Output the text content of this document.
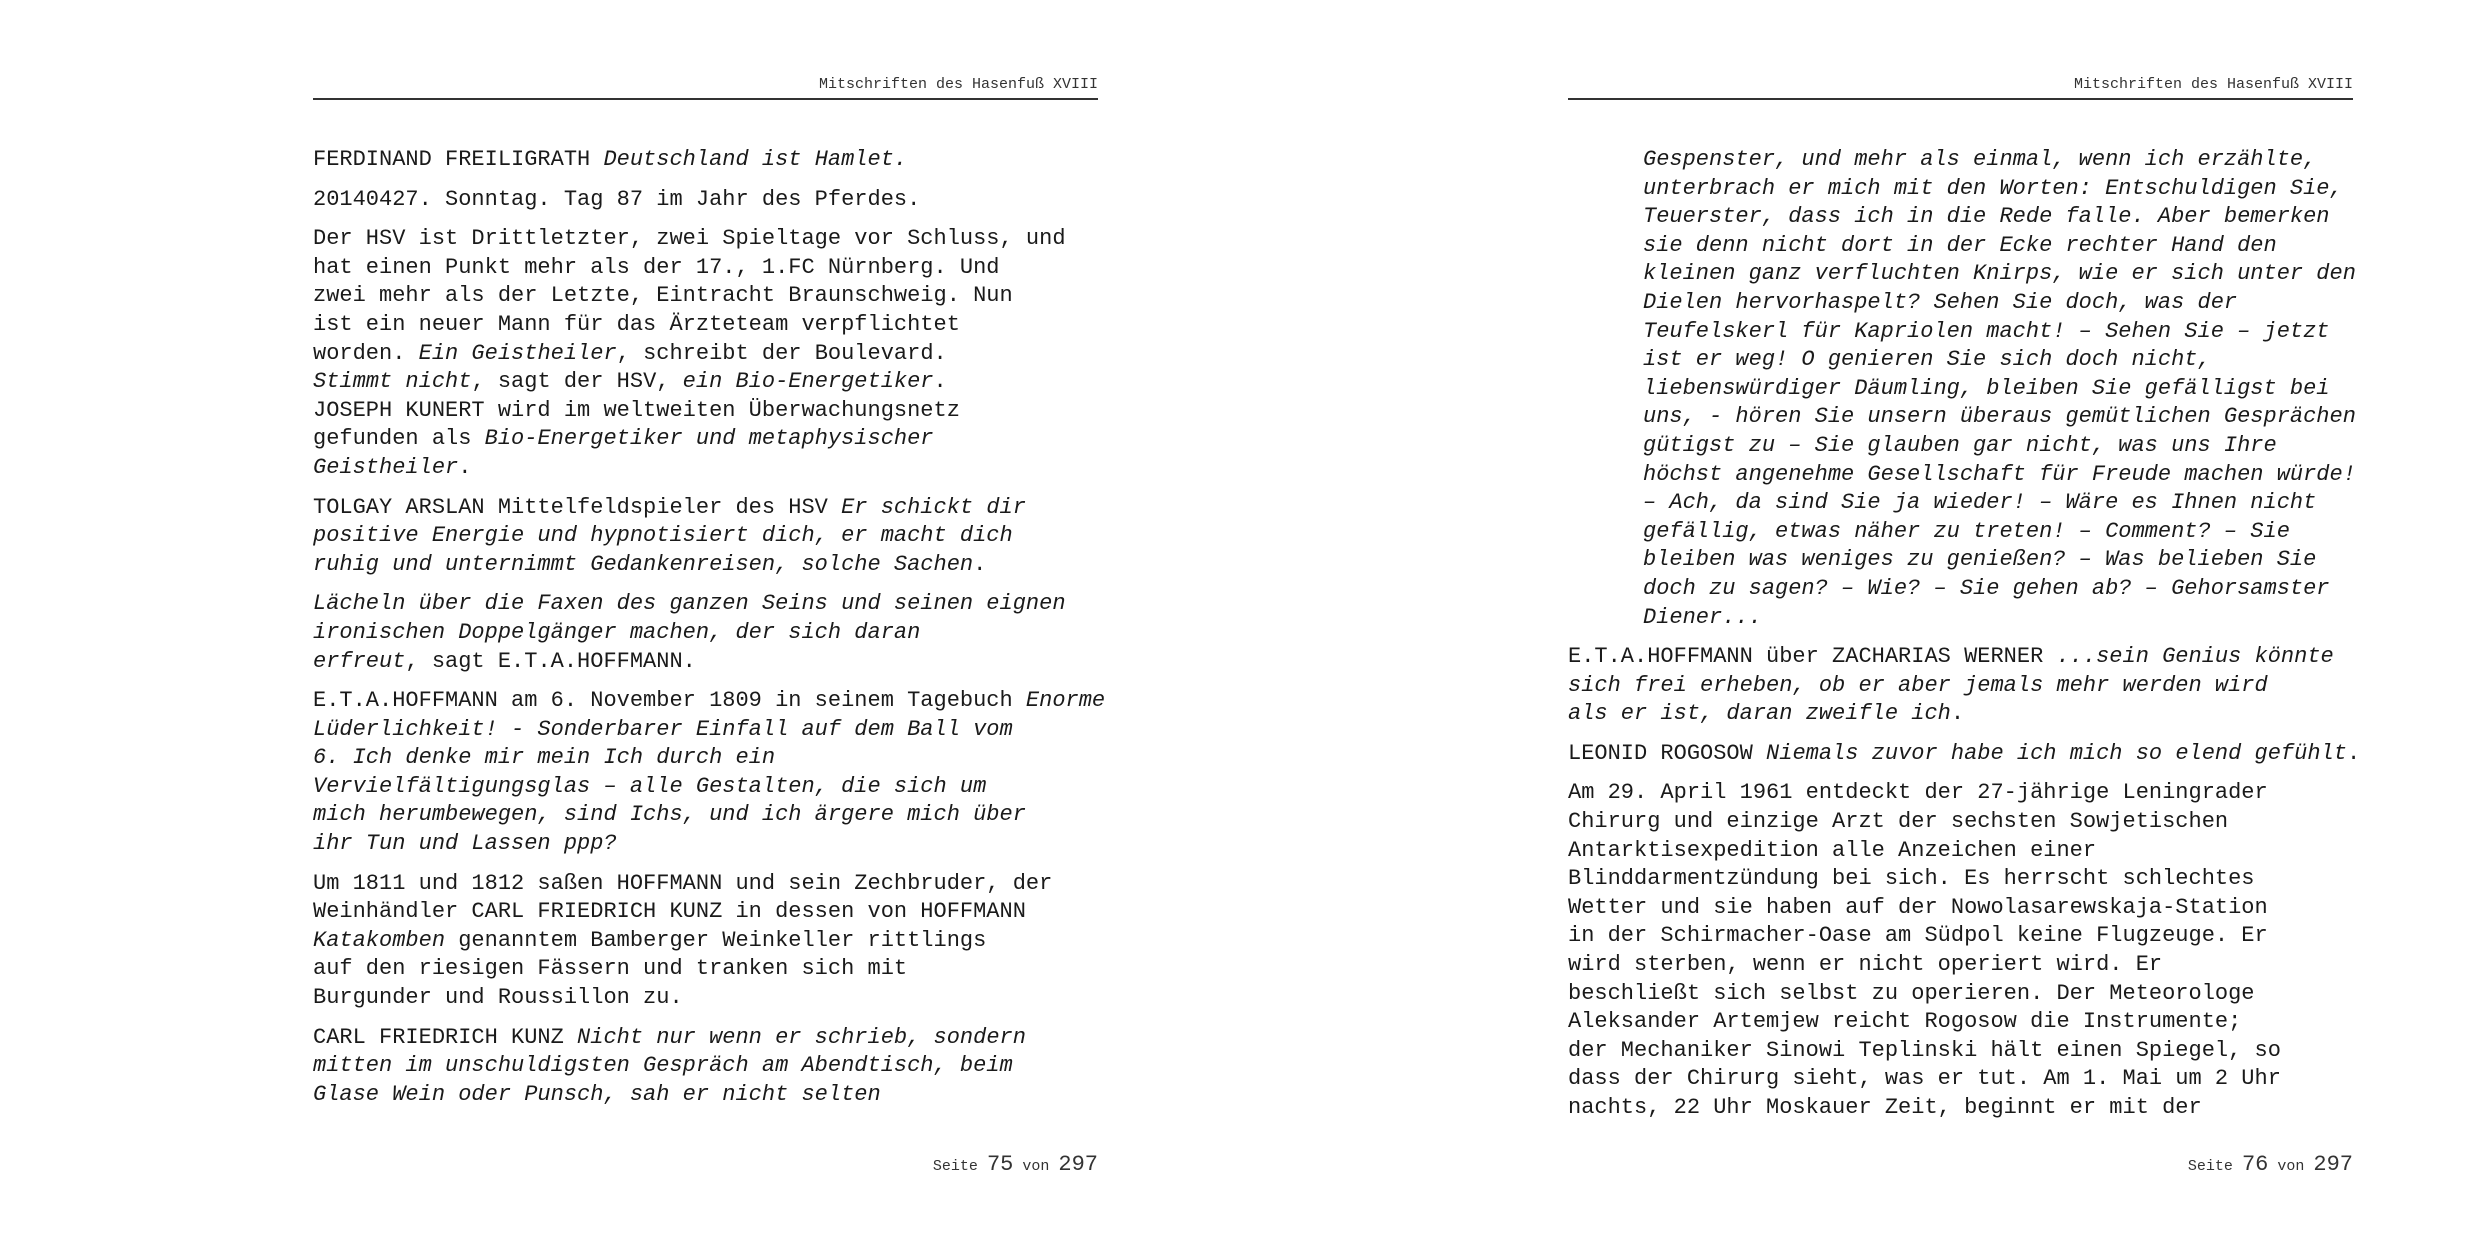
Mitschriften des Hasenfuß XVIII
FERDINAND FREILIGRATH Deutschland ist Hamlet.
20140427. Sonntag. Tag 87 im Jahr des Pferdes.
Der HSV ist Drittletzter, zwei Spieltage vor Schluss, und
hat einen Punkt mehr als der 17., 1.FC Nürnberg. Und
zwei mehr als der Letzte, Eintracht Braunschweig. Nun
ist ein neuer Mann für das Ärzteteam verpflichtet
worden. Ein Geistheiler, schreibt der Boulevard.
Stimmt nicht, sagt der HSV, ein Bio-Energetiker.
JOSEPH KUNERT wird im weltweiten Überwachungsnetz
gefunden als Bio-Energetiker und metaphysischer
Geistheiler.
TOLGAY ARSLAN Mittelfeldspieler des HSV Er schickt dir
positive Energie und hypnotisiert dich, er macht dich
ruhig und unternimmt Gedankenreisen, solche Sachen.
Lächeln über die Faxen des ganzen Seins und seinen eignen
ironischen Doppelgänger machen, der sich daran
erfreut, sagt E.T.A.HOFFMANN.
E.T.A.HOFFMANN am 6. November 1809 in seinem Tagebuch Enorme
Lüderlichkeit! - Sonderbarer Einfall auf dem Ball vom
6. Ich denke mir mein Ich durch ein
Vervielfältigungsglas – alle Gestalten, die sich um
mich herumbewegen, sind Ichs, und ich ärgere mich über
ihr Tun und Lassen ppp?
Um 1811 und 1812 saßen HOFFMANN und sein Zechbruder, der
Weinhändler CARL FRIEDRICH KUNZ in dessen von HOFFMANN
Katakomben genanntem Bamberger Weinkeller rittlings
auf den riesigen Fässern und tranken sich mit
Burgunder und Roussillon zu.
CARL FRIEDRICH KUNZ Nicht nur wenn er schrieb, sondern
mitten im unschuldigsten Gespräch am Abendtisch, beim
Glase Wein oder Punsch, sah er nicht selten
Seite 75 von 297
Mitschriften des Hasenfuß XVIII
Gespenster, und mehr als einmal, wenn ich erzählte,
unterbrach er mich mit den Worten: Entschuldigen Sie,
Teuerster, dass ich in die Rede falle. Aber bemerken
sie denn nicht dort in der Ecke rechter Hand den
kleinen ganz verfluchten Knirps, wie er sich unter den
Dielen hervorhaspelt? Sehen Sie doch, was der
Teufelskerl für Kapriolen macht! – Sehen Sie – jetzt
ist er weg! O genieren Sie sich doch nicht,
liebenswürdiger Däumling, bleiben Sie gefälligst bei
uns, - hören Sie unsern überaus gemütlichen Gesprächen
gütigst zu – Sie glauben gar nicht, was uns Ihre
höchst angenehme Gesellschaft für Freude machen würde!
– Ach, da sind Sie ja wieder! – Wäre es Ihnen nicht
gefällig, etwas näher zu treten! – Comment? – Sie
bleiben was weniges zu genießen? – Was belieben Sie
doch zu sagen? – Wie? – Sie gehen ab? – Gehorsamster
Diener...
E.T.A.HOFFMANN über ZACHARIAS WERNER ...sein Genius könnte
sich frei erheben, ob er aber jemals mehr werden wird
als er ist, daran zweifle ich.
LEONID ROGOSOW Niemals zuvor habe ich mich so elend gefühlt.
Am 29. April 1961 entdeckt der 27-jährige Leningrader
Chirurg und einzige Arzt der sechsten Sowjetischen
Antarktisexpedition alle Anzeichen einer
Blinddarmentzündung bei sich. Es herrscht schlechtes
Wetter und sie haben auf der Nowolasarewskaja-Station
in der Schirmacher-Oase am Südpol keine Flugzeuge. Er
wird sterben, wenn er nicht operiert wird. Er
beschließt sich selbst zu operieren. Der Meteorologe
Aleksander Artemjew reicht Rogosow die Instrumente;
der Mechaniker Sinowi Teplinski hält einen Spiegel, so
dass der Chirurg sieht, was er tut. Am 1. Mai um 2 Uhr
nachts, 22 Uhr Moskauer Zeit, beginnt er mit der
Seite 76 von 297
